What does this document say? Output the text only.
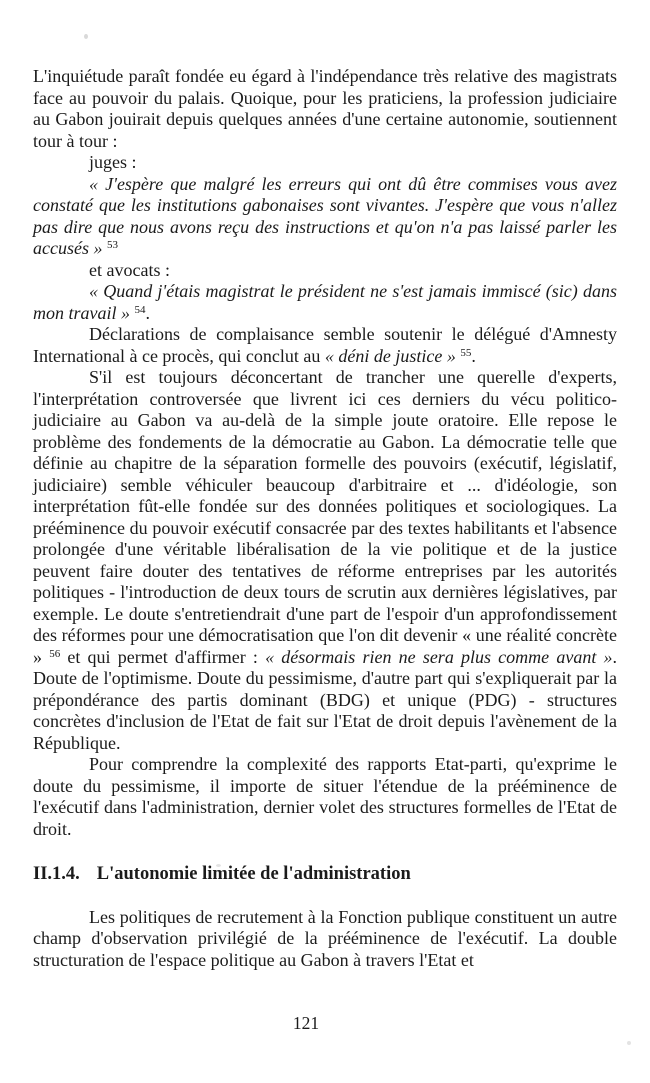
L'inquiétude paraît fondée eu égard à l'indépendance très relative des magistrats face au pouvoir du palais. Quoique, pour les praticiens, la profession judiciaire au Gabon jouirait depuis quelques années d'une certaine autonomie, soutiennent tour à tour :
juges :
« J'espère que malgré les erreurs qui ont dû être commises vous avez constaté que les institutions gabonaises sont vivantes. J'espère que vous n'allez pas dire que nous avons reçu des instructions et qu'on n'a pas laissé parler les accusés » $^{53}$
et avocats :
« Quand j'étais magistrat le président ne s'est jamais immiscé (sic) dans mon travail » $^{54}$.
Déclarations de complaisance semble soutenir le délégué d'Amnesty International à ce procès, qui conclut au « déni de justice » $^{55}$.
S'il est toujours déconcertant de trancher une querelle d'experts, l'interprétation controversée que livrent ici ces derniers du vécu politico-judiciaire au Gabon va au-delà de la simple joute oratoire. Elle repose le problème des fondements de la démocratie au Gabon. La démocratie telle que définie au chapitre de la séparation formelle des pouvoirs (exécutif, législatif, judiciaire) semble véhiculer beaucoup d'arbitraire et ... d'idéologie, son interprétation fût-elle fondée sur des données politiques et sociologiques. La prééminence du pouvoir exécutif consacrée par des textes habilitants et l'absence prolongée d'une véritable libéralisation de la vie politique et de la justice peuvent faire douter des tentatives de réforme entreprises par les autorités politiques - l'introduction de deux tours de scrutin aux dernières législatives, par exemple. Le doute s'entretiendrait d'une part de l'espoir d'un approfondissement des réformes pour une démocratisation que l'on dit devenir « une réalité concrète » $^{56}$ et qui permet d'affirmer : « désormais rien ne sera plus comme avant ». Doute de l'optimisme. Doute du pessimisme, d'autre part qui s'expliquerait par la prépondérance des partis dominant (BDG) et unique (PDG) - structures concrètes d'inclusion de l'Etat de fait sur l'Etat de droit depuis l'avènement de la République.
Pour comprendre la complexité des rapports Etat-parti, qu'exprime le doute du pessimisme, il importe de situer l'étendue de la prééminence de l'exécutif dans l'administration, dernier volet des structures formelles de l'Etat de droit.
II.1.4. L'autonomie limitée de l'administration
Les politiques de recrutement à la Fonction publique constituent un autre champ d'observation privilégié de la prééminence de l'exécutif. La double structuration de l'espace politique au Gabon à travers l'Etat et
121
